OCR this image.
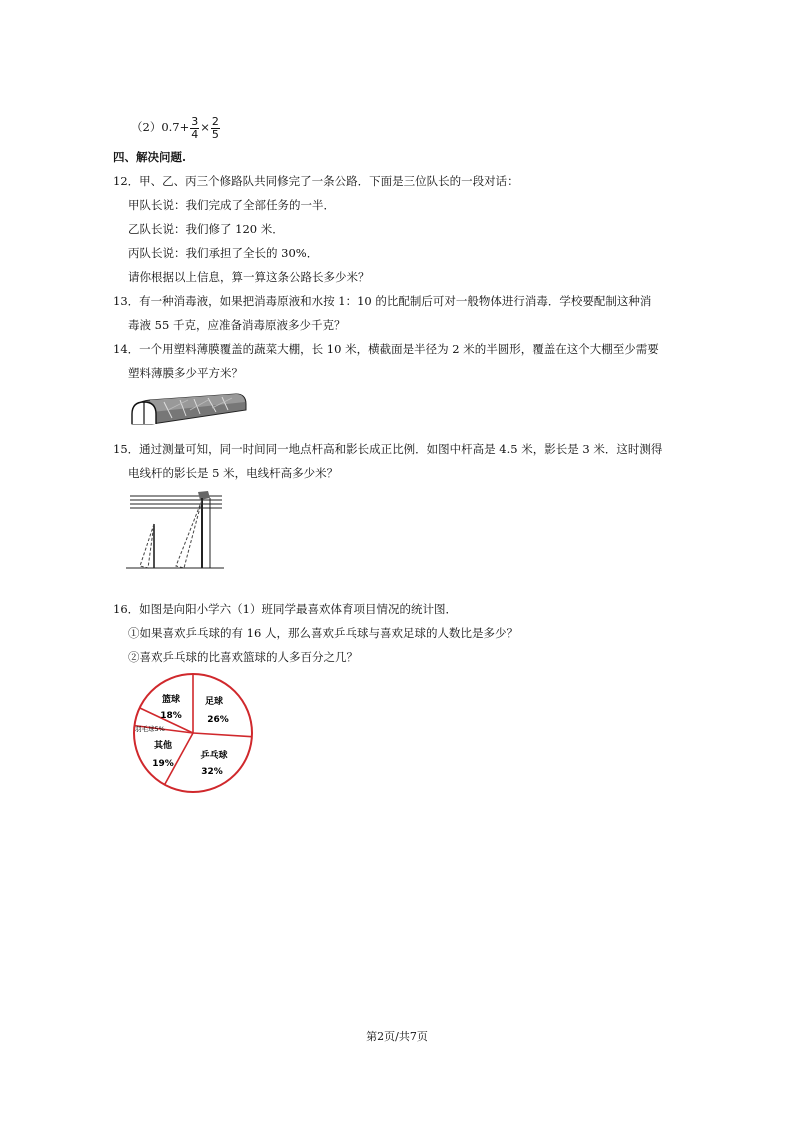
$(2)0.7+ \frac{3}{4} \times \frac{2}{5}$
四、解决问题.
12．甲、乙、丙三个修路队共同修完了一条公路．下面是三位队长的一段对话：
甲队长说：我们完成了全部任务的一半．
乙队长说：我们修了 120 米．
丙队长说：我们承担了全长的 30%．
请你根据以上信息，算一算这条公路长多少米？
13．有一种消毒液，如果把消毒原液和水按 1：10 的比配制后可对一般物体进行消毒．学校要配制这种消
毒液 55 千克，应准备消毒原液多少千克？
14．一个用塑料薄膜覆盖的蔬菜大棚，长 10 米，横截面是半径为 2 米的半圆形，覆盖在这个大棚至少需要
塑料薄膜多少平方米？
15．通过测量可知，同一时间同一地点杆高和影长成正比例．如图中杆高是 4.5 米，影长是 3 米．这时测得
电线杆的影长是 5 米，电线杆高多少米？
16．如图是向阳小学六（1）班同学最喜欢体育项目情况的统计图．
①如果喜欢乒乓球的有 16 人，那么喜欢乒乓球与喜欢足球的人数比是多少？
②喜欢乒乓球的比喜欢篮球的人多百分之几？
篮球
18%
足球
26%
羽毛球5%
其他
19%
乒乓球
32%
第2页/共7页
